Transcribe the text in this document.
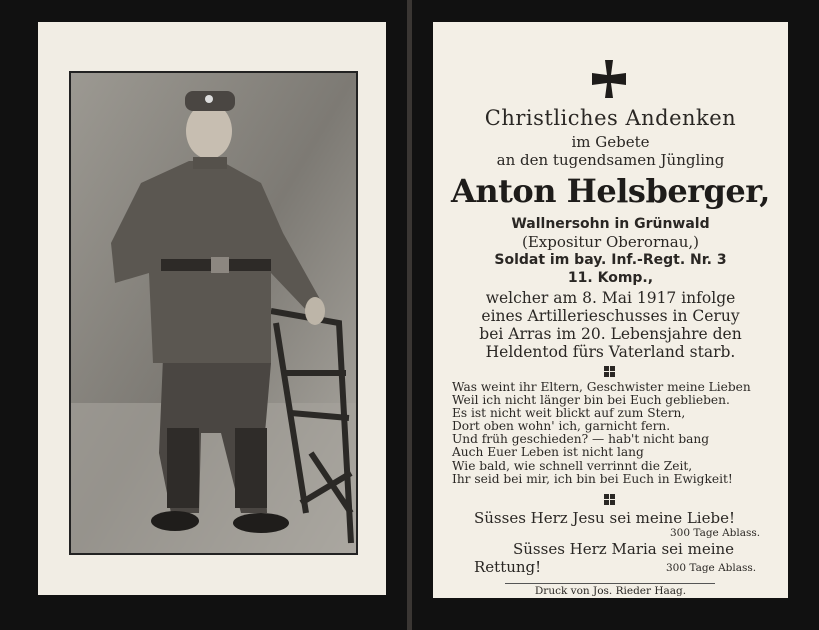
Christliches Andenken
im Gebete
an den tugendsamen Jüngling
Anton Helsberger,
Wallnersohn in Grünwald
(Expositur Oberornau,)
Soldat im bay. Inf.-Regt. Nr. 3
11. Komp.,
welcher am 8. Mai 1917 infolge
eines Artillerieschusses in Ceruy
bei Arras im 20. Lebensjahre den
Heldentod fürs Vaterland starb.
Was weint ihr Eltern, Geschwister meine Lieben
Weil ich nicht länger bin bei Euch geblieben.
Es ist nicht weit blickt auf zum Stern,
Dort oben wohn' ich, garnicht fern.
Und früh geschieden? — hab't nicht bang
Auch Euer Leben ist nicht lang
Wie bald, wie schnell verrinnt die Zeit,
Ihr seid bei mir, ich bin bei Euch in Ewigkeit!
Süsses Herz Jesu sei meine Liebe!
300 Tage Ablass.
Süsses Herz Maria sei meine
Rettung!	300 Tage Ablass.
Druck von Jos. Rieder Haag.
